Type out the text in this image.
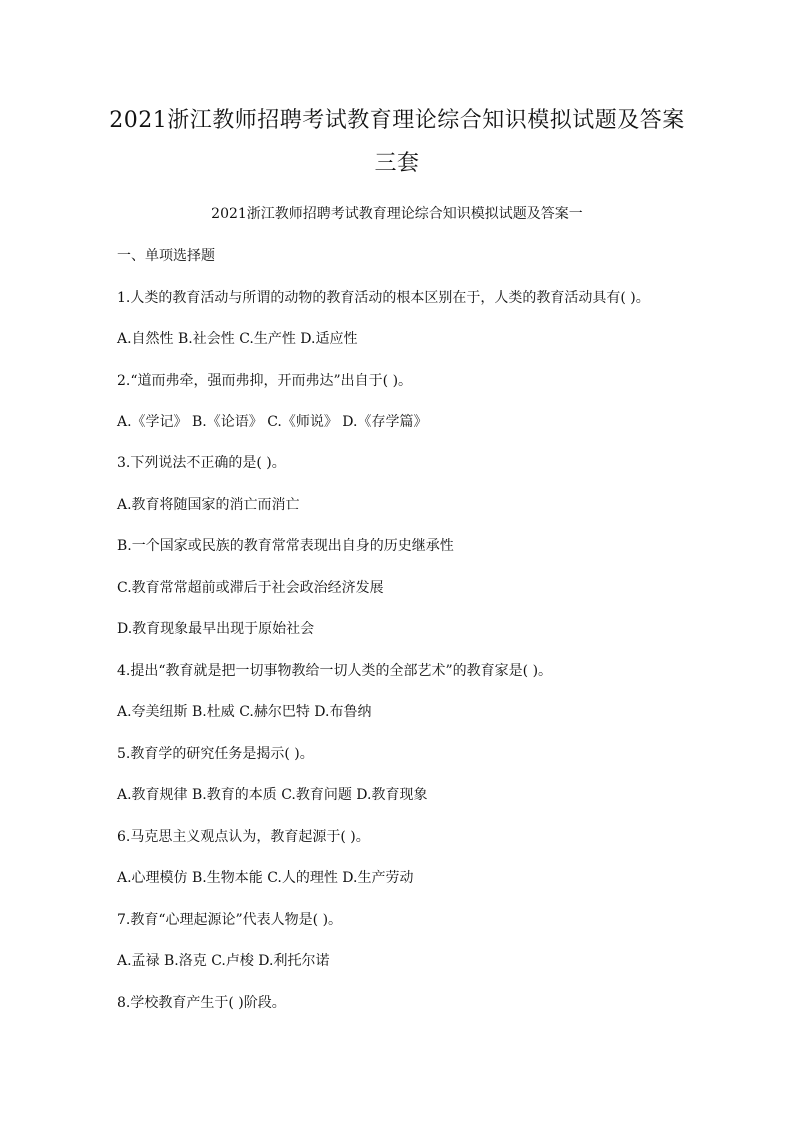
2021浙江教师招聘考试教育理论综合知识模拟试题及答案
三套
2021浙江教师招聘考试教育理论综合知识模拟试题及答案一
一、单项选择题
1.人类的教育活动与所谓的动物的教育活动的根本区别在于，人类的教育活动具有( )。
A.自然性 B.社会性 C.生产性 D.适应性
2.“道而弗牵，强而弗抑，开而弗达”出自于( )。
A.《学记》 B.《论语》 C.《师说》 D.《存学篇》
3.下列说法不正确的是( )。
A.教育将随国家的消亡而消亡
B.一个国家或民族的教育常常表现出自身的历史继承性
C.教育常常超前或滞后于社会政治经济发展
D.教育现象最早出现于原始社会
4.提出“教育就是把一切事物教给一切人类的全部艺术”的教育家是( )。
A.夸美纽斯 B.杜威 C.赫尔巴特 D.布鲁纳
5.教育学的研究任务是揭示( )。
A.教育规律 B.教育的本质 C.教育问题 D.教育现象
6.马克思主义观点认为，教育起源于( )。
A.心理模仿 B.生物本能 C.人的理性 D.生产劳动
7.教育“心理起源论”代表人物是( )。
A.孟禄 B.洛克 C.卢梭 D.利托尔诺
8.学校教育产生于( )阶段。
